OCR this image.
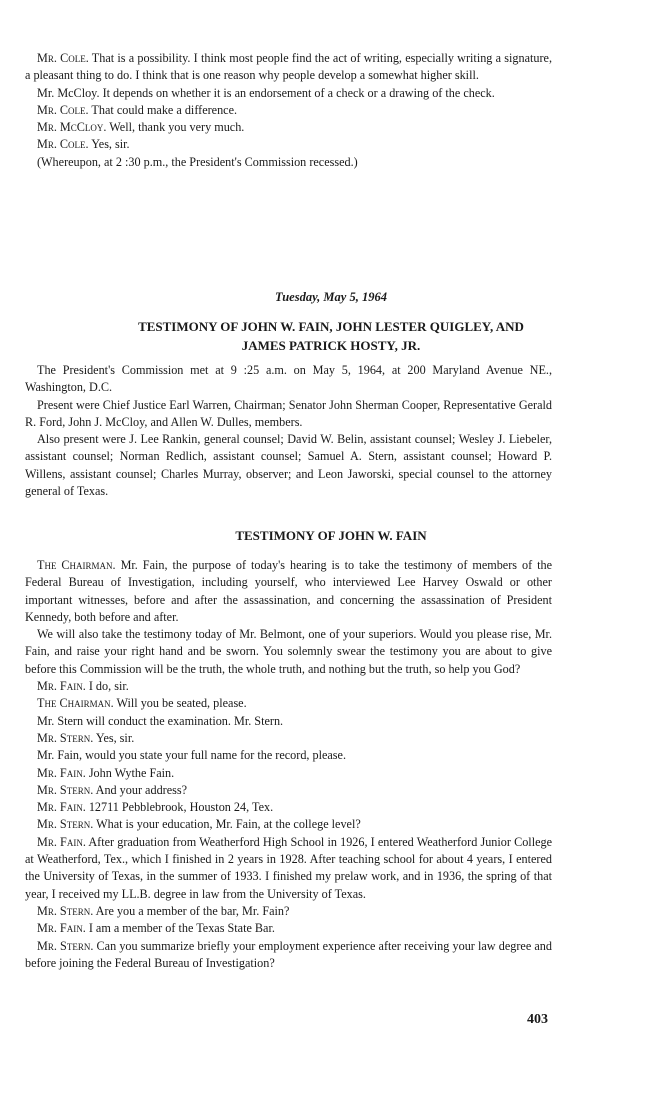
Mr. Cole. That is a possibility. I think most people find the act of writing, especially writing a signature, a pleasant thing to do. I think that is one reason why people develop a somewhat higher skill.

Mr. McCloy. It depends on whether it is an endorsement of a check or a drawing of the check.

Mr. Cole. That could make a difference.

Mr. McCloy. Well, thank you very much.

Mr. Cole. Yes, sir.

(Whereupon, at 2 :30 p.m., the President's Commission recessed.)

Tuesday, May 5, 1964
TESTIMONY OF JOHN W. FAIN, JOHN LESTER QUIGLEY, AND
JAMES PATRICK HOSTY, JR.

The President's Commission met at 9 :25 a.m. on May 5, 1964, at 200 Maryland Avenue NE., Washington, D.C.

Present were Chief Justice Earl Warren, Chairman; Senator John Sherman Cooper, Representative Gerald R. Ford, John J. McCloy, and Allen W. Dulles, members.

Also present were J. Lee Rankin, general counsel; David W. Belin, assistant counsel; Wesley J. Liebeler, assistant counsel; Norman Redlich, assistant counsel; Samuel A. Stern, assistant counsel; Howard P. Willens, assistant counsel; Charles Murray, observer; and Leon Jaworski, special counsel to the attorney general of Texas.

TESTIMONY OF JOHN W. FAIN

The Chairman. Mr. Fain, the purpose of today's hearing is to take the testimony of members of the Federal Bureau of Investigation, including yourself, who interviewed Lee Harvey Oswald or other important witnesses, before and after the assassination, and concerning the assassination of President Kennedy, both before and after.

We will also take the testimony today of Mr. Belmont, one of your superiors. Would you please rise, Mr. Fain, and raise your right hand and be sworn. You solemnly swear the testimony you are about to give before this Commission will be the truth, the whole truth, and nothing but the truth, so help you God?

Mr. Fain. I do, sir.

The Chairman. Will you be seated, please.

Mr. Stern will conduct the examination. Mr. Stern.

Mr. Stern. Yes, sir.

Mr. Fain, would you state your full name for the record, please.

Mr. Fain. John Wythe Fain.

Mr. Stern. And your address?

Mr. Fain. 12711 Pebblebrook, Houston 24, Tex.

Mr. Stern. What is your education, Mr. Fain, at the college level?

Mr. Fain. After graduation from Weatherford High School in 1926, I entered Weatherford Junior College at Weatherford, Tex., which I finished in 2 years in 1928. After teaching school for about 4 years, I entered the University of Texas, in the summer of 1933. I finished my prelaw work, and in 1936, the spring of that year, I received my LL.B. degree in law from the University of Texas.

Mr. Stern. Are you a member of the bar, Mr. Fain?

Mr. Fain. I am a member of the Texas State Bar.

Mr. Stern. Can you summarize briefly your employment experience after receiving your law degree and before joining the Federal Bureau of Investigation?

403
